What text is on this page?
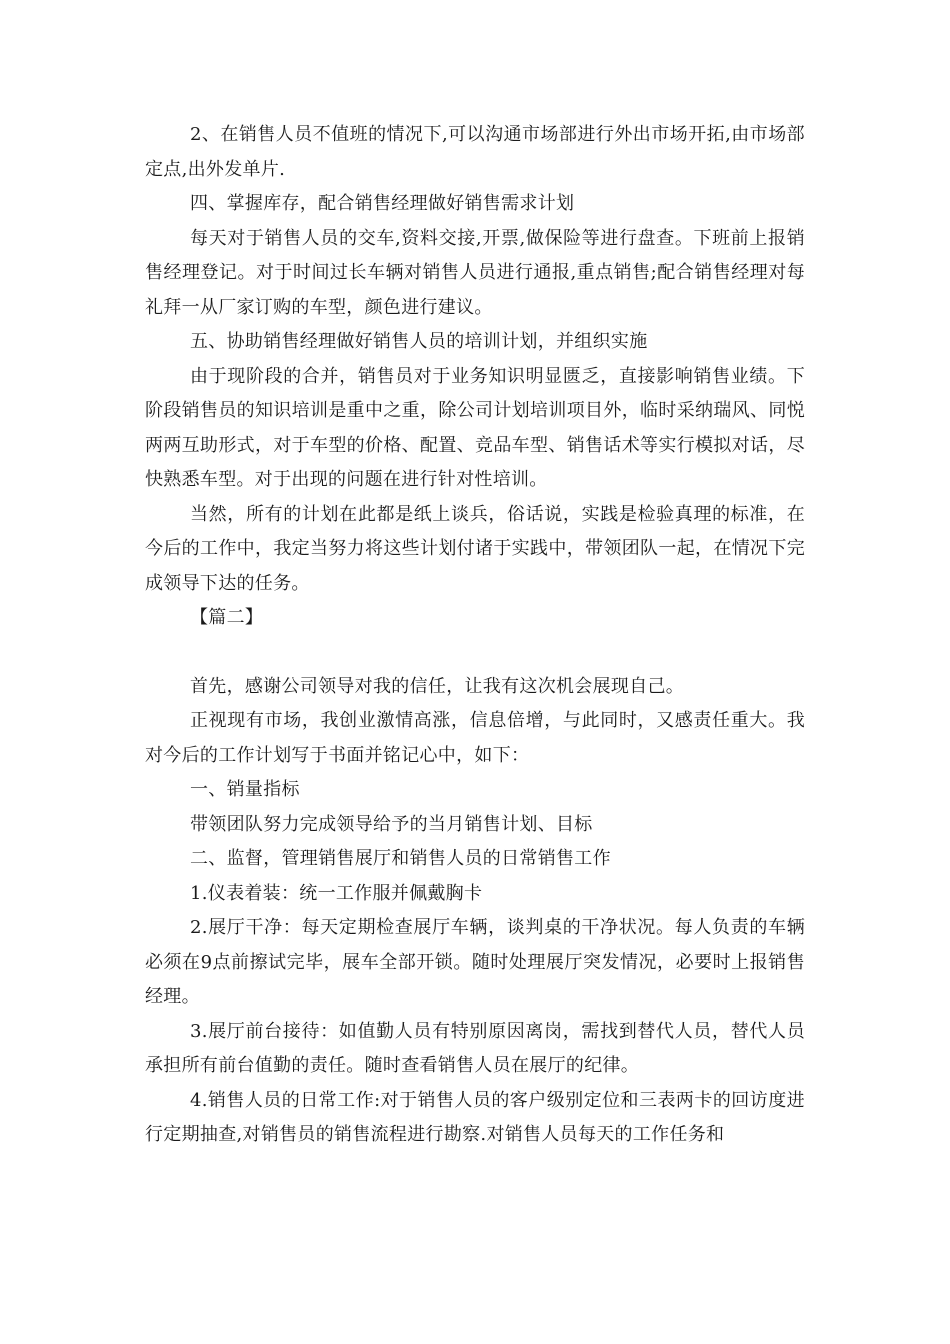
2、在销售人员不值班的情况下,可以沟通市场部进行外出市场开拓,由市场部定点,出外发单片.

四、掌握库存，配合销售经理做好销售需求计划

每天对于销售人员的交车,资料交接,开票,做保险等进行盘查。下班前上报销售经理登记。对于时间过长车辆对销售人员进行通报,重点销售;配合销售经理对每礼拜一从厂家订购的车型，颜色进行建议。

五、协助销售经理做好销售人员的培训计划，并组织实施

由于现阶段的合并，销售员对于业务知识明显匮乏，直接影响销售业绩。下阶段销售员的知识培训是重中之重，除公司计划培训项目外，临时采纳瑞风、同悦两两互助形式，对于车型的价格、配置、竞品车型、销售话术等实行模拟对话，尽快熟悉车型。对于出现的问题在进行针对性培训。

当然，所有的计划在此都是纸上谈兵，俗话说，实践是检验真理的标准，在今后的工作中，我定当努力将这些计划付诸于实践中，带领团队一起，在情况下完成领导下达的任务。

【篇二】

首先，感谢公司领导对我的信任，让我有这次机会展现自己。

正视现有市场，我创业激情高涨，信息倍增，与此同时，又感责任重大。我对今后的工作计划写于书面并铭记心中，如下：

一、销量指标

带领团队努力完成领导给予的当月销售计划、目标

二、监督，管理销售展厅和销售人员的日常销售工作

1.仪表着装：统一工作服并佩戴胸卡

2.展厅干净：每天定期检查展厅车辆，谈判桌的干净状况。每人负责的车辆必须在9点前擦试完毕，展车全部开锁。随时处理展厅突发情况，必要时上报销售经理。

3.展厅前台接待：如值勤人员有特别原因离岗，需找到替代人员，替代人员承担所有前台值勤的责任。随时查看销售人员在展厅的纪律。

4.销售人员的日常工作:对于销售人员的客户级别定位和三表两卡的回访度进行定期抽查,对销售员的销售流程进行勘察.对销售人员每天的工作任务和
